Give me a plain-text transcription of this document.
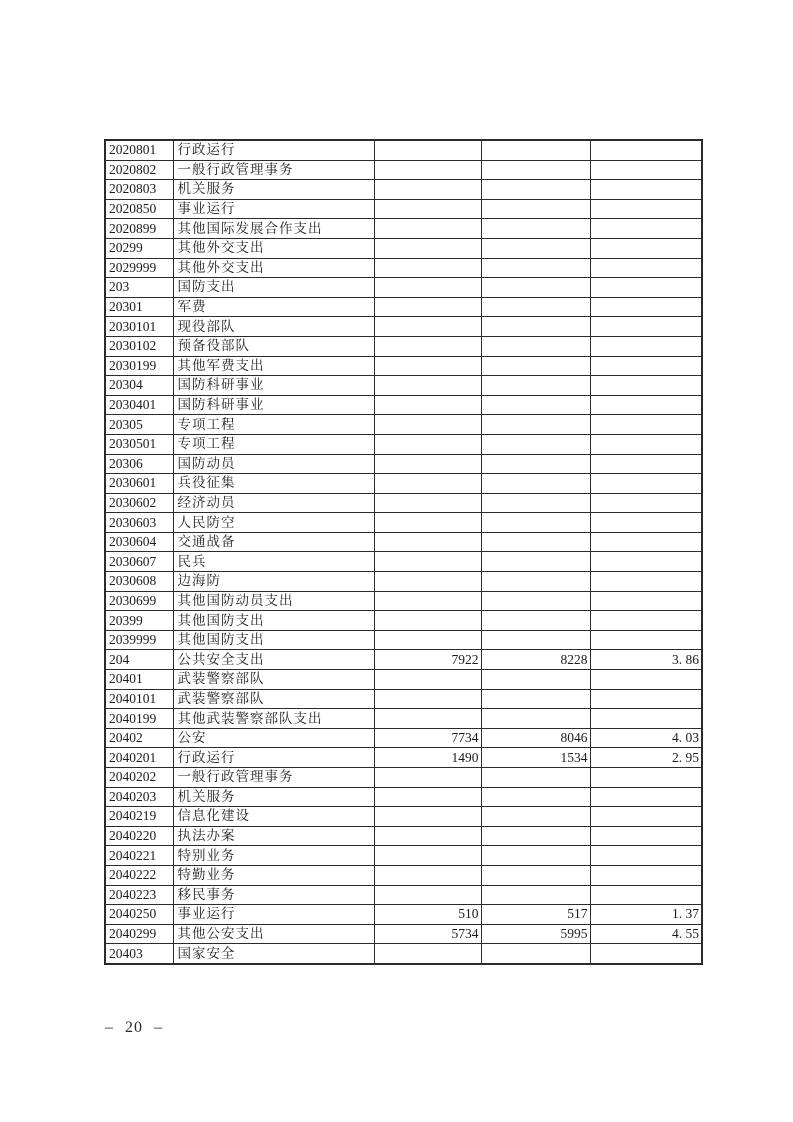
2020801	行政运行			
2020802	一般行政管理事务			
2020803	机关服务			
2020850	事业运行			
2020899	其他国际发展合作支出			
20299	其他外交支出			
2029999	其他外交支出			
203	国防支出			
20301	军费			
2030101	现役部队			
2030102	预备役部队			
2030199	其他军费支出			
20304	国防科研事业			
2030401	国防科研事业			
20305	专项工程			
2030501	专项工程			
20306	国防动员			
2030601	兵役征集			
2030602	经济动员			
2030603	人民防空			
2030604	交通战备			
2030607	民兵			
2030608	边海防			
2030699	其他国防动员支出			
20399	其他国防支出			
2039999	其他国防支出			
204	公共安全支出	7922	8228	3. 86
20401	武装警察部队			
2040101	武装警察部队			
2040199	其他武装警察部队支出			
20402	公安	7734	8046	4. 03
2040201	行政运行	1490	1534	2. 95
2040202	一般行政管理事务			
2040203	机关服务			
2040219	信息化建设			
2040220	执法办案			
2040221	特别业务			
2040222	特勤业务			
2040223	移民事务			
2040250	事业运行	510	517	1. 37
2040299	其他公安支出	5734	5995	4. 55
20403	国家安全			
– 20 –
